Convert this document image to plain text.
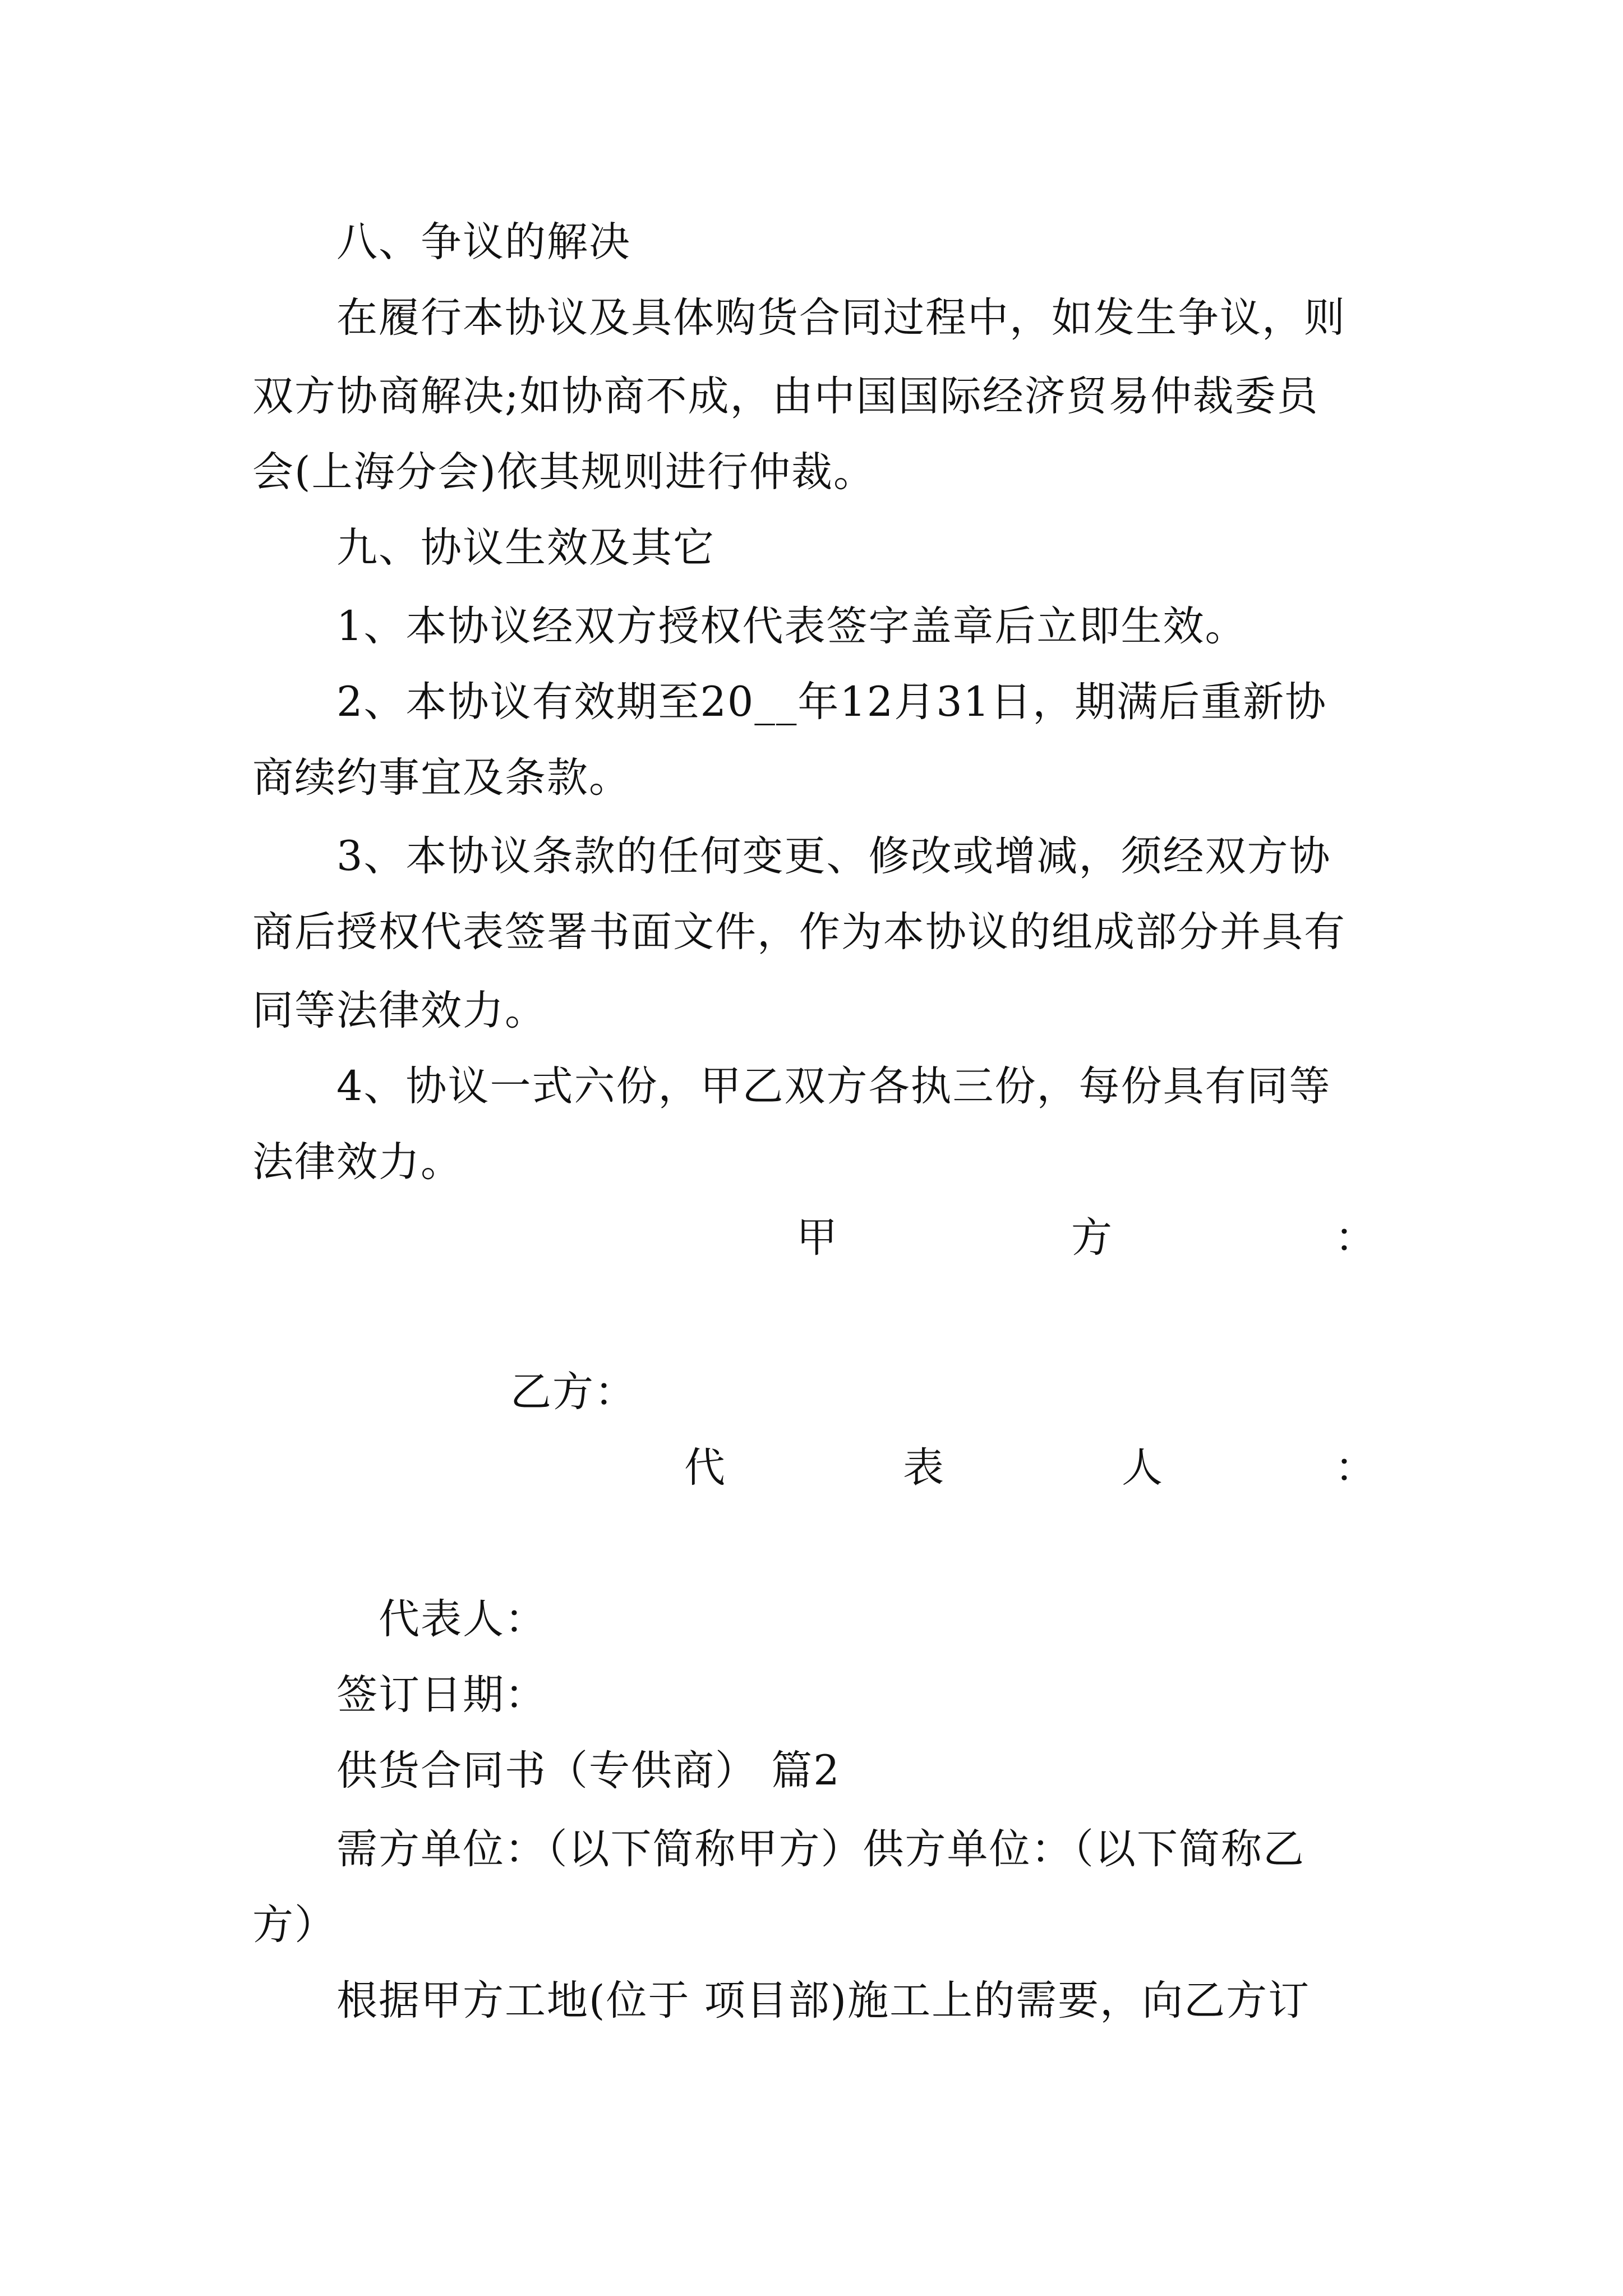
八、争议的解决
在履行本协议及具体购货合同过程中，如发生争议，则
双方协商解决;如协商不成，由中国国际经济贸易仲裁委员
会(上海分会)依其规则进行仲裁。
九、协议生效及其它
1、本协议经双方授权代表签字盖章后立即生效。
2、本协议有效期至20__年12月31日，期满后重新协
商续约事宜及条款。
3、本协议条款的任何变更、修改或增减，须经双方协
商后授权代表签署书面文件，作为本协议的组成部分并具有
同等法律效力。
4、协议一式六份，甲乙双方各执三份，每份具有同等
法律效力。
甲	方	：
乙方：
代	表	人	：
代表人：
签订日期：
供货合同书（专供商） 篇2
需方单位：（以下简称甲方）供方单位：（以下简称乙
方）
根据甲方工地(位于 项目部)施工上的需要，向乙方订
